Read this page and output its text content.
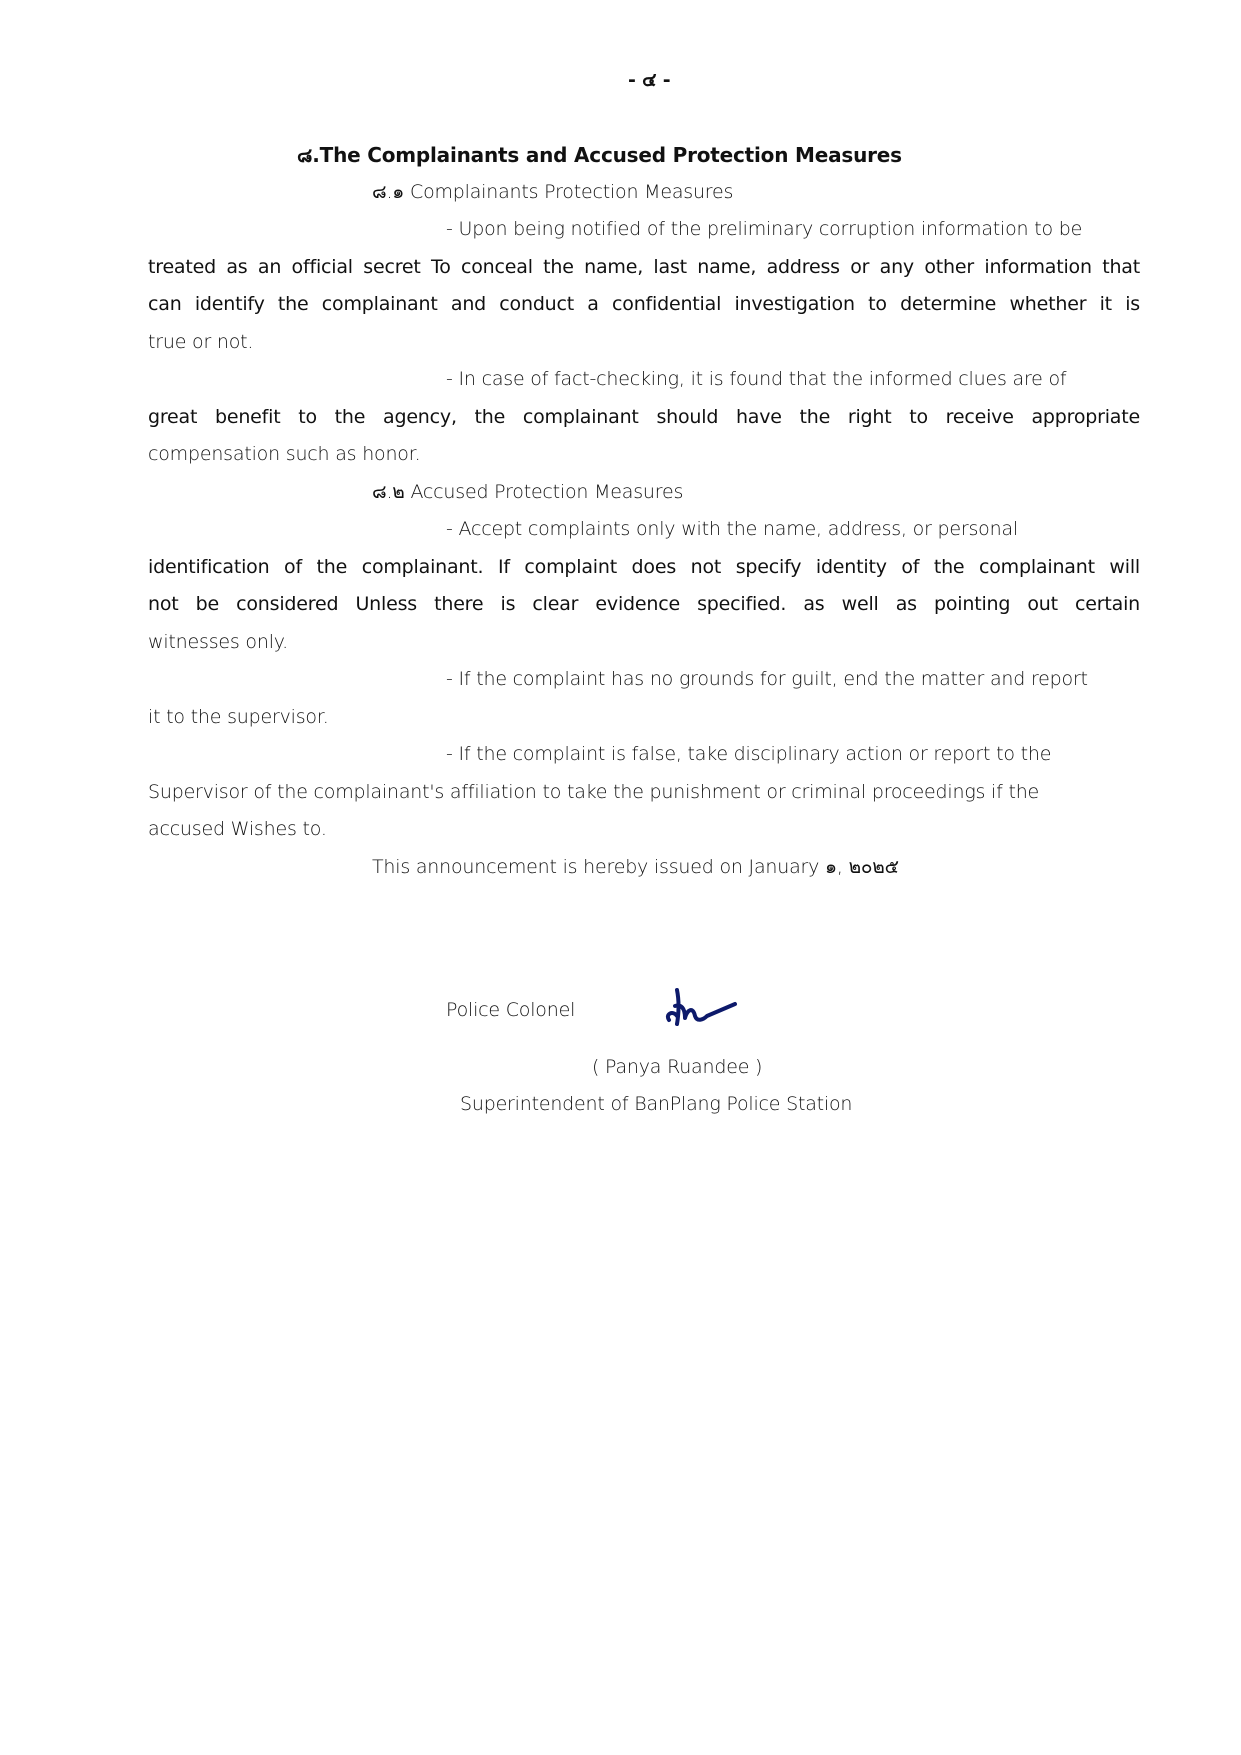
- ๔ -
๘.The Complainants and Accused Protection Measures
๘.๑ Complainants Protection Measures
- Upon being notified of the preliminary corruption information to be
treated as an official secret To conceal the name, last name, address or any other information that
can identify the complainant and conduct a confidential investigation to determine whether it is
true or not.
- In case of fact-checking, it is found that the informed clues are of
great benefit to the agency, the complainant should have the right to receive appropriate
compensation such as honor.
๘.๒ Accused Protection Measures
- Accept complaints only with the name, address, or personal
identification of the complainant. If complaint does not specify identity of the complainant will
not be considered Unless there is clear evidence specified. as well as pointing out certain
witnesses only.
- If the complaint has no grounds for guilt, end the matter and report
it to the supervisor.
- If the complaint is false, take disciplinary action or report to the
Supervisor of the complainant's affiliation to take the punishment or criminal proceedings if the
accused Wishes to.
This announcement is hereby issued on January ๑, ๒๐๒๕
Police Colonel
( Panya Ruandee )
Superintendent of BanPlang Police Station
